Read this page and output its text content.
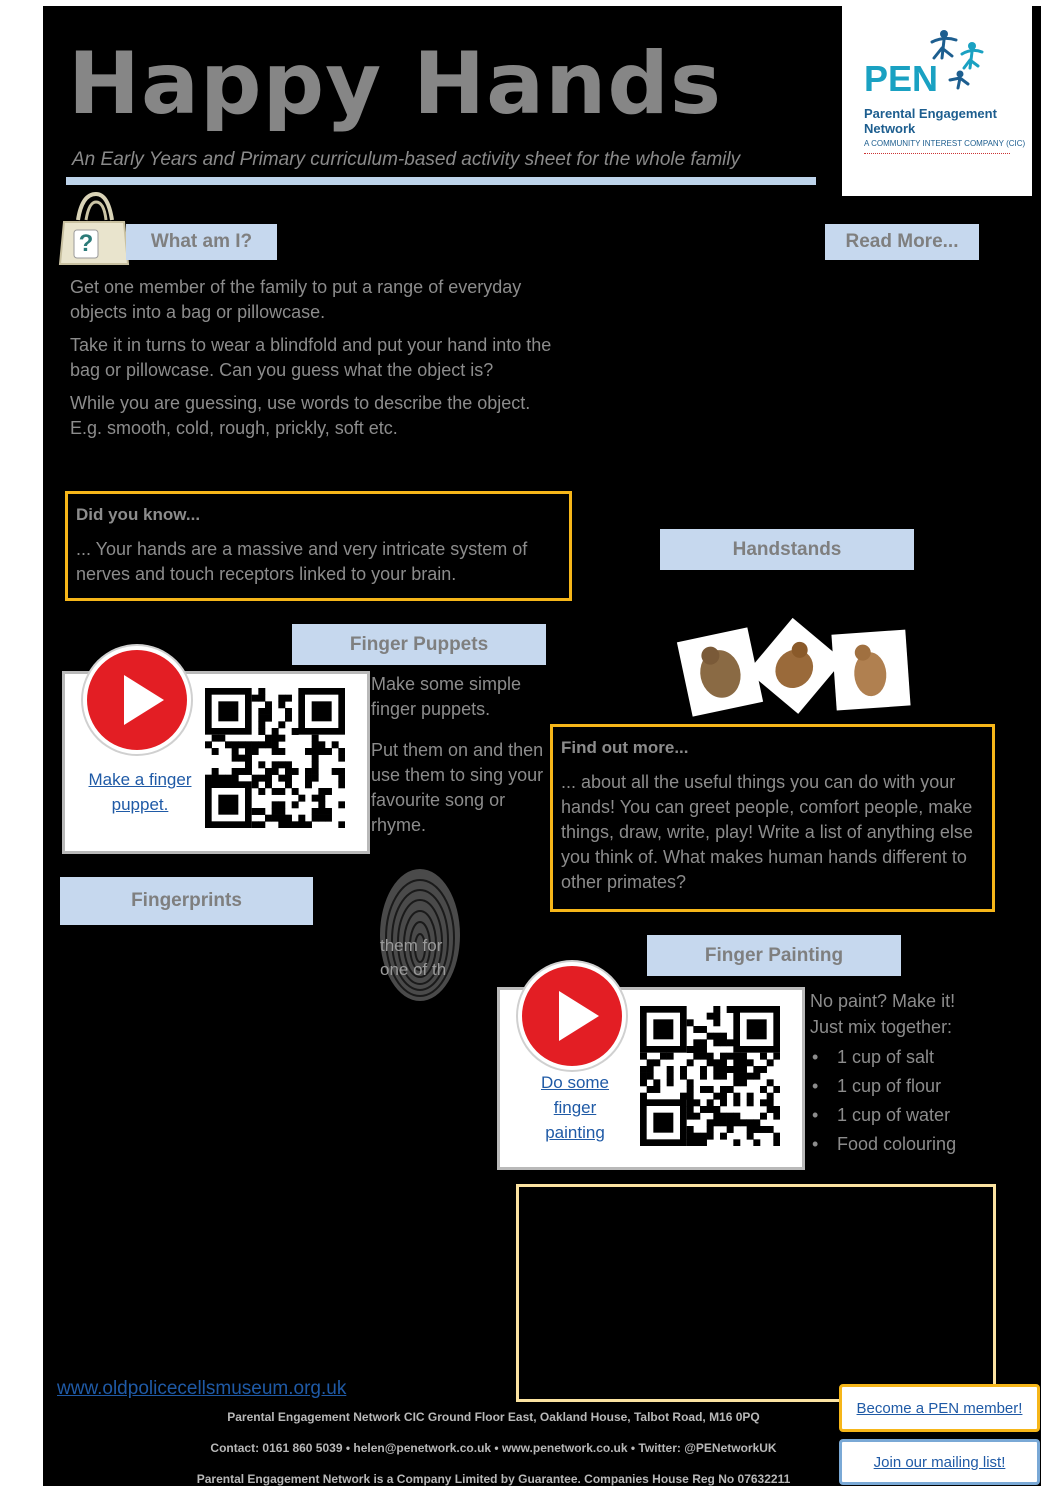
Happy Hands
An Early Years and Primary curriculum-based activity sheet for the whole family
PEN
Parental Engagement
Network
A COMMUNITY INTEREST COMPANY (CIC)
?	What am I?
Get one member of the family to put a range of everyday objects into a bag or pillowcase.
Take it in turns to wear a blindfold and put your hand into the bag or pillowcase. Can you guess what the object is?
While you are guessing, use words to describe the object. E.g. smooth, cold, rough, prickly, soft etc.
Read More...
Did you know...
... Your hands are a massive and very intricate system of nerves and touch receptors linked to your brain.
Handstands
Finger Puppets
Make a finger
puppet.
Make some simple finger puppets.
Put them on and then use them to sing your favourite song or rhyme.
Find out more...
... about all the useful things you can do with your hands! You can greet people, comfort people, make things, draw, write, play! Write a list of anything else you think of. What makes human hands different to other primates?
Fingerprints
them for
one of th
Finger Painting
Do some
finger
painting
No paint? Make it!
Just mix together:
• 1 cup of salt
• 1 cup of flour
• 1 cup of water
• Food colouring
www.oldpolicecellsmuseum.org.uk
Parental Engagement Network CIC Ground Floor East, Oakland House, Talbot Road, M16 0PQ
Contact: 0161 860 5039 • helen@penetwork.co.uk • www.penetwork.co.uk • Twitter: @PENetworkUK
Parental Engagement Network is a Company Limited by Guarantee. Companies House Reg No 07632211
Become a PEN member!
Join our mailing list!
